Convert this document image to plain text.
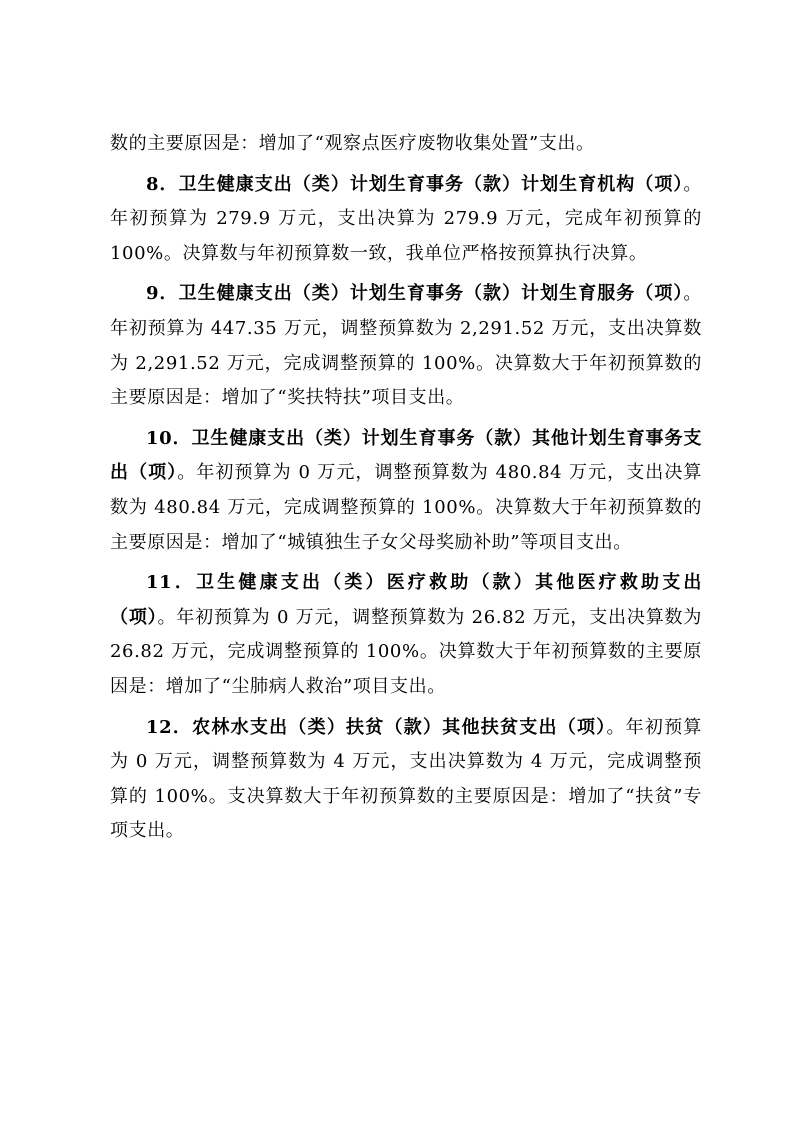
数的主要原因是：增加了“观察点医疗废物收集处置”支出。

8．卫生健康支出（类）计划生育事务（款）计划生育机构（项）。年初预算为 279.9 万元，支出决算为 279.9 万元，完成年初预算的 100%。决算数与年初预算数一致，我单位严格按预算执行决算。

9．卫生健康支出（类）计划生育事务（款）计划生育服务（项）。年初预算为 447.35 万元，调整预算数为 2,291.52 万元，支出决算数为 2,291.52 万元，完成调整预算的 100%。决算数大于年初预算数的主要原因是：增加了“奖扶特扶”项目支出。

10．卫生健康支出（类）计划生育事务（款）其他计划生育事务支出（项）。年初预算为 0 万元，调整预算数为 480.84 万元，支出决算数为 480.84 万元，完成调整预算的 100%。决算数大于年初预算数的主要原因是：增加了“城镇独生子女父母奖励补助”等项目支出。

11．卫生健康支出（类）医疗救助（款）其他医疗救助支出（项）。年初预算为 0 万元，调整预算数为 26.82 万元，支出决算数为 26.82 万元，完成调整预算的 100%。决算数大于年初预算数的主要原因是：增加了“尘肺病人救治”项目支出。

12．农林水支出（类）扶贫（款）其他扶贫支出（项）。年初预算为 0 万元，调整预算数为 4 万元，支出决算数为 4 万元，完成调整预算的 100%。支决算数大于年初预算数的主要原因是：增加了“扶贫”专项支出。
